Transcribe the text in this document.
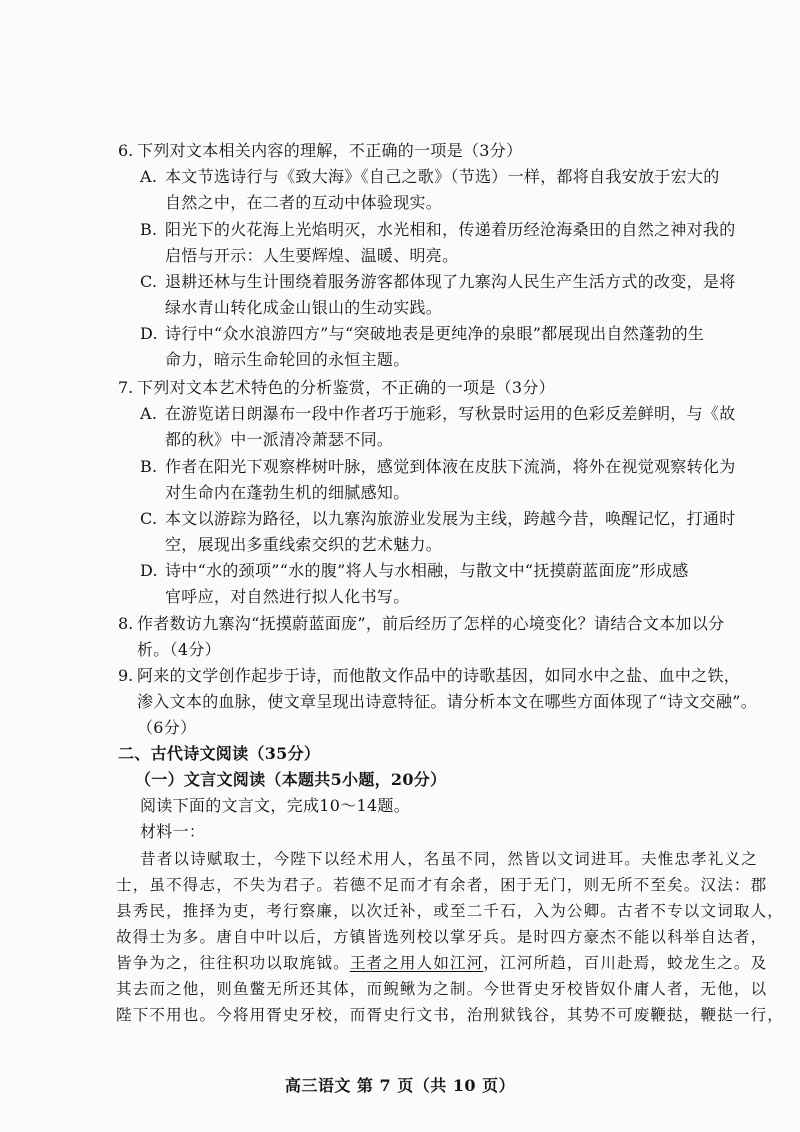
6. 下列对文本相关内容的理解，不正确的一项是（3分）
A. 本文节选诗行与《致大海》《自己之歌》（节选）一样，都将自我安放于宏大的
自然之中，在二者的互动中体验现实。
B. 阳光下的火花海上光焰明灭，水光相和，传递着历经沧海桑田的自然之神对我的
启悟与开示：人生要辉煌、温暖、明亮。
C. 退耕还林与生计围绕着服务游客都体现了九寨沟人民生产生活方式的改变，是将
绿水青山转化成金山银山的生动实践。
D. 诗行中“众水浪游四方”与“突破地表是更纯净的泉眼”都展现出自然蓬勃的生
命力，暗示生命轮回的永恒主题。
7. 下列对文本艺术特色的分析鉴赏，不正确的一项是（3分）
A. 在游览诺日朗瀑布一段中作者巧于施彩，写秋景时运用的色彩反差鲜明，与《故
都的秋》中一派清冷萧瑟不同。
B. 作者在阳光下观察桦树叶脉，感觉到体液在皮肤下流淌，将外在视觉观察转化为
对生命内在蓬勃生机的细腻感知。
C. 本文以游踪为路径，以九寨沟旅游业发展为主线，跨越今昔，唤醒记忆，打通时
空，展现出多重线索交织的艺术魅力。
D. 诗中“水的颈项”“水的腹”将人与水相融，与散文中“抚摸蔚蓝面庞”形成感
官呼应，对自然进行拟人化书写。
8. 作者数访九寨沟“抚摸蔚蓝面庞”，前后经历了怎样的心境变化？请结合文本加以分
析。（4分）
9. 阿来的文学创作起步于诗，而他散文作品中的诗歌基因，如同水中之盐、血中之铁，
渗入文本的血脉，使文章呈现出诗意特征。请分析本文在哪些方面体现了“诗文交融”。
（6分）
二、古代诗文阅读（35分）
（一）文言文阅读（本题共5小题，20分）
阅读下面的文言文，完成10～14题。
材料一：
昔者以诗赋取士，今陛下以经术用人，名虽不同，然皆以文词进耳。夫惟忠孝礼义之
士，虽不得志，不失为君子。若德不足而才有余者，困于无门，则无所不至矣。汉法：郡
县秀民，推择为吏，考行察廉，以次迁补，或至二千石，入为公卿。古者不专以文词取人，
故得士为多。唐自中叶以后，方镇皆选列校以掌牙兵。是时四方豪杰不能以科举自达者，
皆争为之，往往积功以取旄钺。王者之用人如江河，江河所趋，百川赴焉，蛟龙生之。及
其去而之他，则鱼鳖无所还其体，而鲵鳅为之制。今世胥史牙校皆奴仆庸人者，无他，以
陛下不用也。今将用胥史牙校，而胥史行文书，治刑狱钱谷，其势不可废鞭挞，鞭挞一行，
高三语文 第 7 页（共 10 页）
